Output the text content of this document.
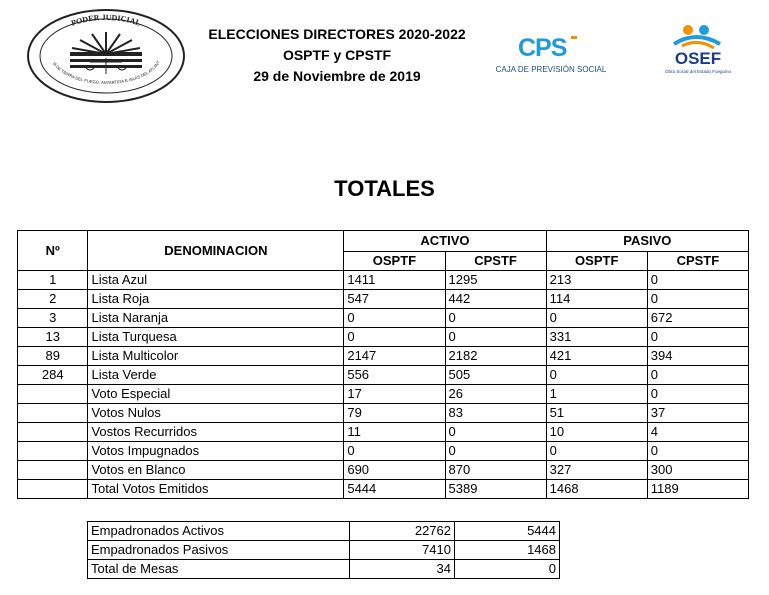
PODER JUDICIAL
IA DE TIERRA DEL FUEGO, ANTARTIDA E ISLAS DEL ATLANT
ELECCIONES DIRECTORES 2020-2022
OSPTF y CPSTF
29 de Noviembre de 2019
CPS
CAJA DE PREVISIÓN SOCIAL
OSEF
Obra Social del Estado Fueguino
TOTALES
Nº	DENOMINACION	ACTIVO		PASIVO	
		OSPTF	CPSTF	OSPTF	CPSTF
1	Lista Azul	1411	1295	213	0
2	Lista Roja	547	442	114	0
3	Lista Naranja	0	0	0	672
13	Lista Turquesa	0	0	331	0
89	Lista Multicolor	2147	2182	421	394
284	Lista Verde	556	505	0	0
	Voto Especial	17	26	1	0
	Votos Nulos	79	83	51	37
	Vostos Recurridos	11	0	10	4
	Votos Impugnados	0	0	0	0
	Votos en Blanco	690	870	327	300
	Total Votos Emitidos	5444	5389	1468	1189
Empadronados Activos	22762	5444
Empadronados Pasivos	7410	1468
Total de Mesas	34	0
